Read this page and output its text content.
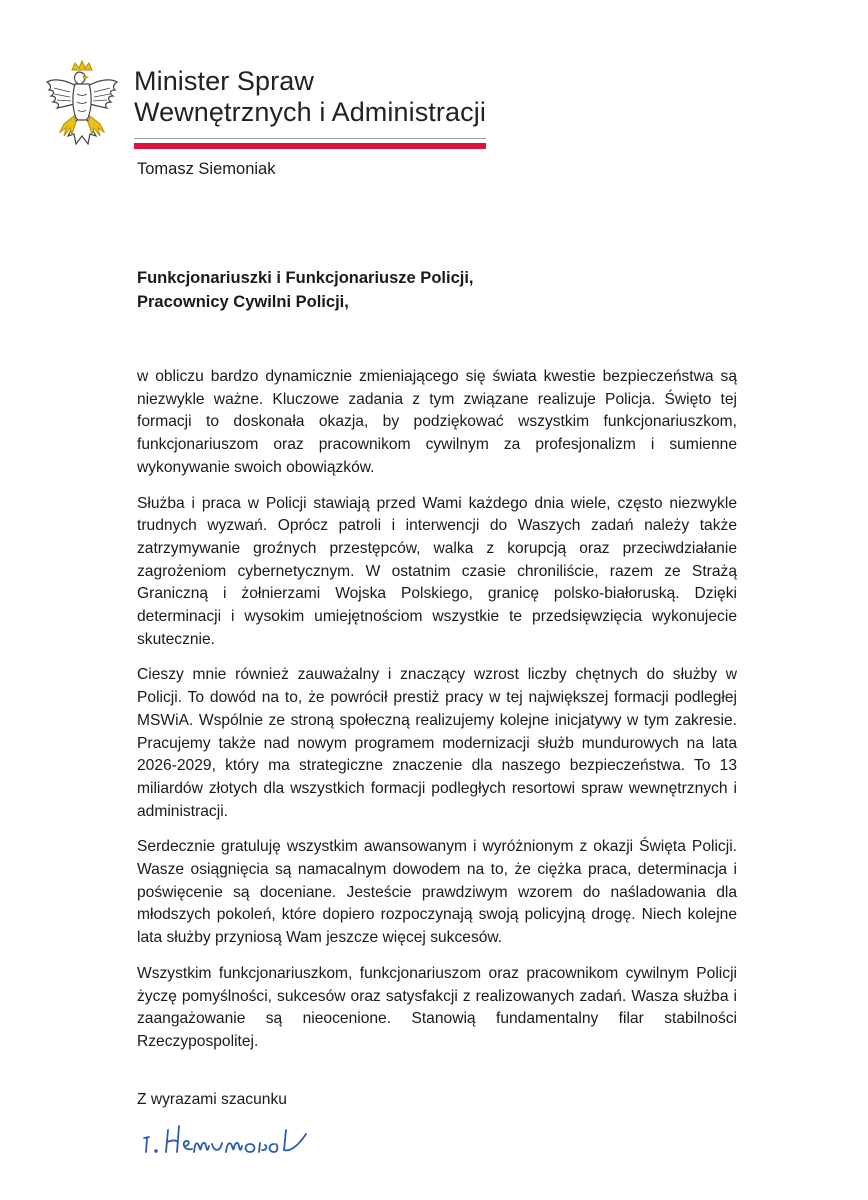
Minister Spraw
Wewnętrznych i Administracji
Tomasz Siemoniak
Funkcjonariuszki i Funkcjonariusze Policji,
Pracownicy Cywilni Policji,

w obliczu bardzo dynamicznie zmieniającego się świata kwestie bezpieczeństwa są niezwykle ważne. Kluczowe zadania z tym związane realizuje Policja. Święto tej formacji to doskonała okazja, by podziękować wszystkim funkcjonariuszkom, funkcjonariuszom oraz pracownikom cywilnym za profesjonalizm i sumienne wykonywanie swoich obowiązków.

Służba i praca w Policji stawiają przed Wami każdego dnia wiele, często niezwykle trudnych wyzwań. Oprócz patroli i interwencji do Waszych zadań należy także zatrzymywanie groźnych przestępców, walka z korupcją oraz przeciwdziałanie zagrożeniom cybernetycznym. W ostatnim czasie chroniliście, razem ze Strażą Graniczną i żołnierzami Wojska Polskiego, granicę polsko-białoruską. Dzięki determinacji i wysokim umiejętnościom wszystkie te przedsięwzięcia wykonujecie skutecznie.

Cieszy mnie również zauważalny i znaczący wzrost liczby chętnych do służby w Policji. To dowód na to, że powrócił prestiż pracy w tej największej formacji podległej MSWiA. Wspólnie ze stroną społeczną realizujemy kolejne inicjatywy w tym zakresie. Pracujemy także nad nowym programem modernizacji służb mundurowych na lata 2026-2029, który ma strategiczne znaczenie dla naszego bezpieczeństwa. To 13 miliardów złotych dla wszystkich formacji podległych resortowi spraw wewnętrznych i administracji.

Serdecznie gratuluję wszystkim awansowanym i wyróżnionym z okazji Święta Policji. Wasze osiągnięcia są namacalnym dowodem na to, że ciężka praca, determinacja i poświęcenie są doceniane. Jesteście prawdziwym wzorem do naśladowania dla młodszych pokoleń, które dopiero rozpoczynają swoją policyjną drogę. Niech kolejne lata służby przyniosą Wam jeszcze więcej sukcesów.

Wszystkim funkcjonariuszkom, funkcjonariuszom oraz pracownikom cywilnym Policji życzę pomyślności, sukcesów oraz satysfakcji z realizowanych zadań. Wasza służba i zaangażowanie są nieocenione. Stanowią fundamentalny filar stabilności Rzeczypospolitej.

Z wyrazami szacunku
